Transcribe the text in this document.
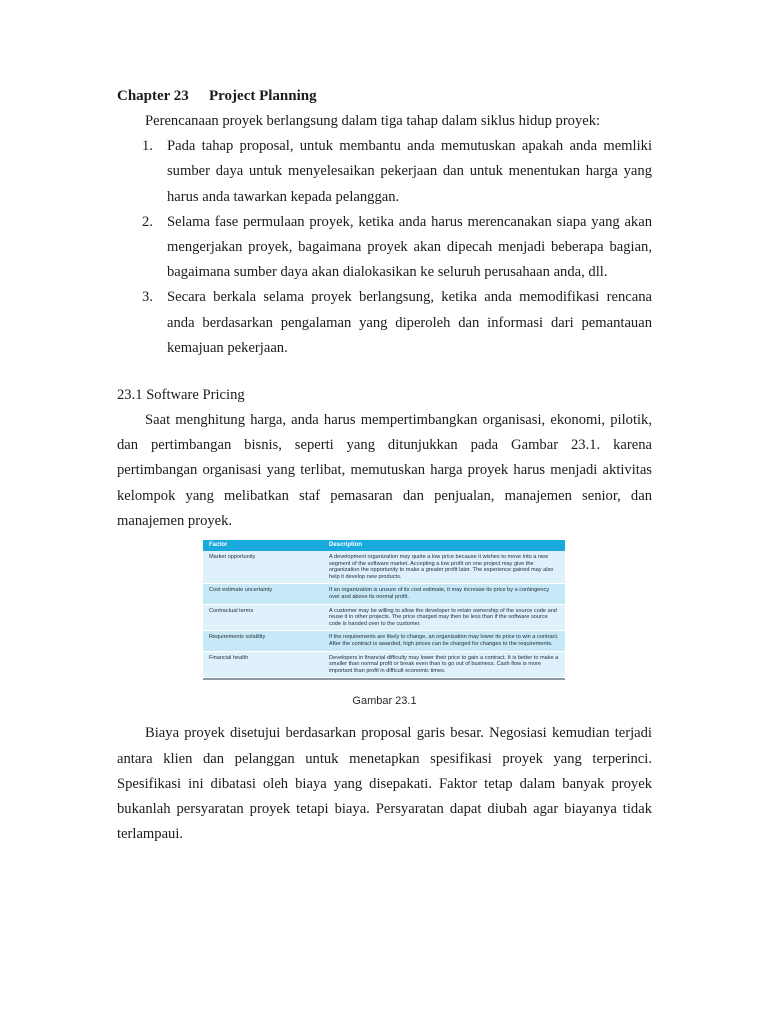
Chapter 23 Project Planning

Perencanaan proyek berlangsung dalam tiga tahap dalam siklus hidup proyek:

1. Pada tahap proposal, untuk membantu anda memutuskan apakah anda memliki sumber daya untuk menyelesaikan pekerjaan dan untuk menentukan harga yang harus anda tawarkan kepada pelanggan.
2. Selama fase permulaan proyek, ketika anda harus merencanakan siapa yang akan mengerjakan proyek, bagaimana proyek akan dipecah menjadi beberapa bagian, bagaimana sumber daya akan dialokasikan ke seluruh perusahaan anda, dll.
3. Secara berkala selama proyek berlangsung, ketika anda memodifikasi rencana anda berdasarkan pengalaman yang diperoleh dan informasi dari pemantauan kemajuan pekerjaan.
23.1 Software Pricing

Saat menghitung harga, anda harus mempertimbangkan organisasi, ekonomi, pilotik, dan pertimbangan bisnis, seperti yang ditunjukkan pada Gambar 23.1. karena pertimbangan organisasi yang terlibat, memutuskan harga proyek harus menjadi aktivitas kelompok yang melibatkan staf pemasaran dan penjualan, manajemen senior, dan manajemen proyek.

Factor	Description
Market opportunity	A development organization may quote a low price because it wishes to move into a new segment of the software market. Accepting a low profit on one project may give the organization the opportunity to make a greater profit later. The experience gained may also help it develop new products.
Cost estimate uncertainty	If an organization is unsure of its cost estimate, it may increase its price by a contingency over and above its normal profit.
Contractual terms	A customer may be willing to allow the developer to retain ownership of the source code and reuse it in other projects. The price charged may then be less than if the software source code is handed over to the customer.
Requirements volatility	If the requirements are likely to change, an organization may lower its price to win a contract. After the contract is awarded, high prices can be charged for changes to the requirements.
Financial health	Developers in financial difficulty may lower their price to gain a contract. It is better to make a smaller than normal profit or break even than to go out of business. Cash flow is more important than profit in difficult economic times.

Gambar 23.1

Biaya proyek disetujui berdasarkan proposal garis besar. Negosiasi kemudian terjadi antara klien dan pelanggan untuk menetapkan spesifikasi proyek yang terperinci. Spesifikasi ini dibatasi oleh biaya yang disepakati. Faktor tetap dalam banyak proyek bukanlah persyaratan proyek tetapi biaya. Persyaratan dapat diubah agar biayanya tidak terlampaui.
